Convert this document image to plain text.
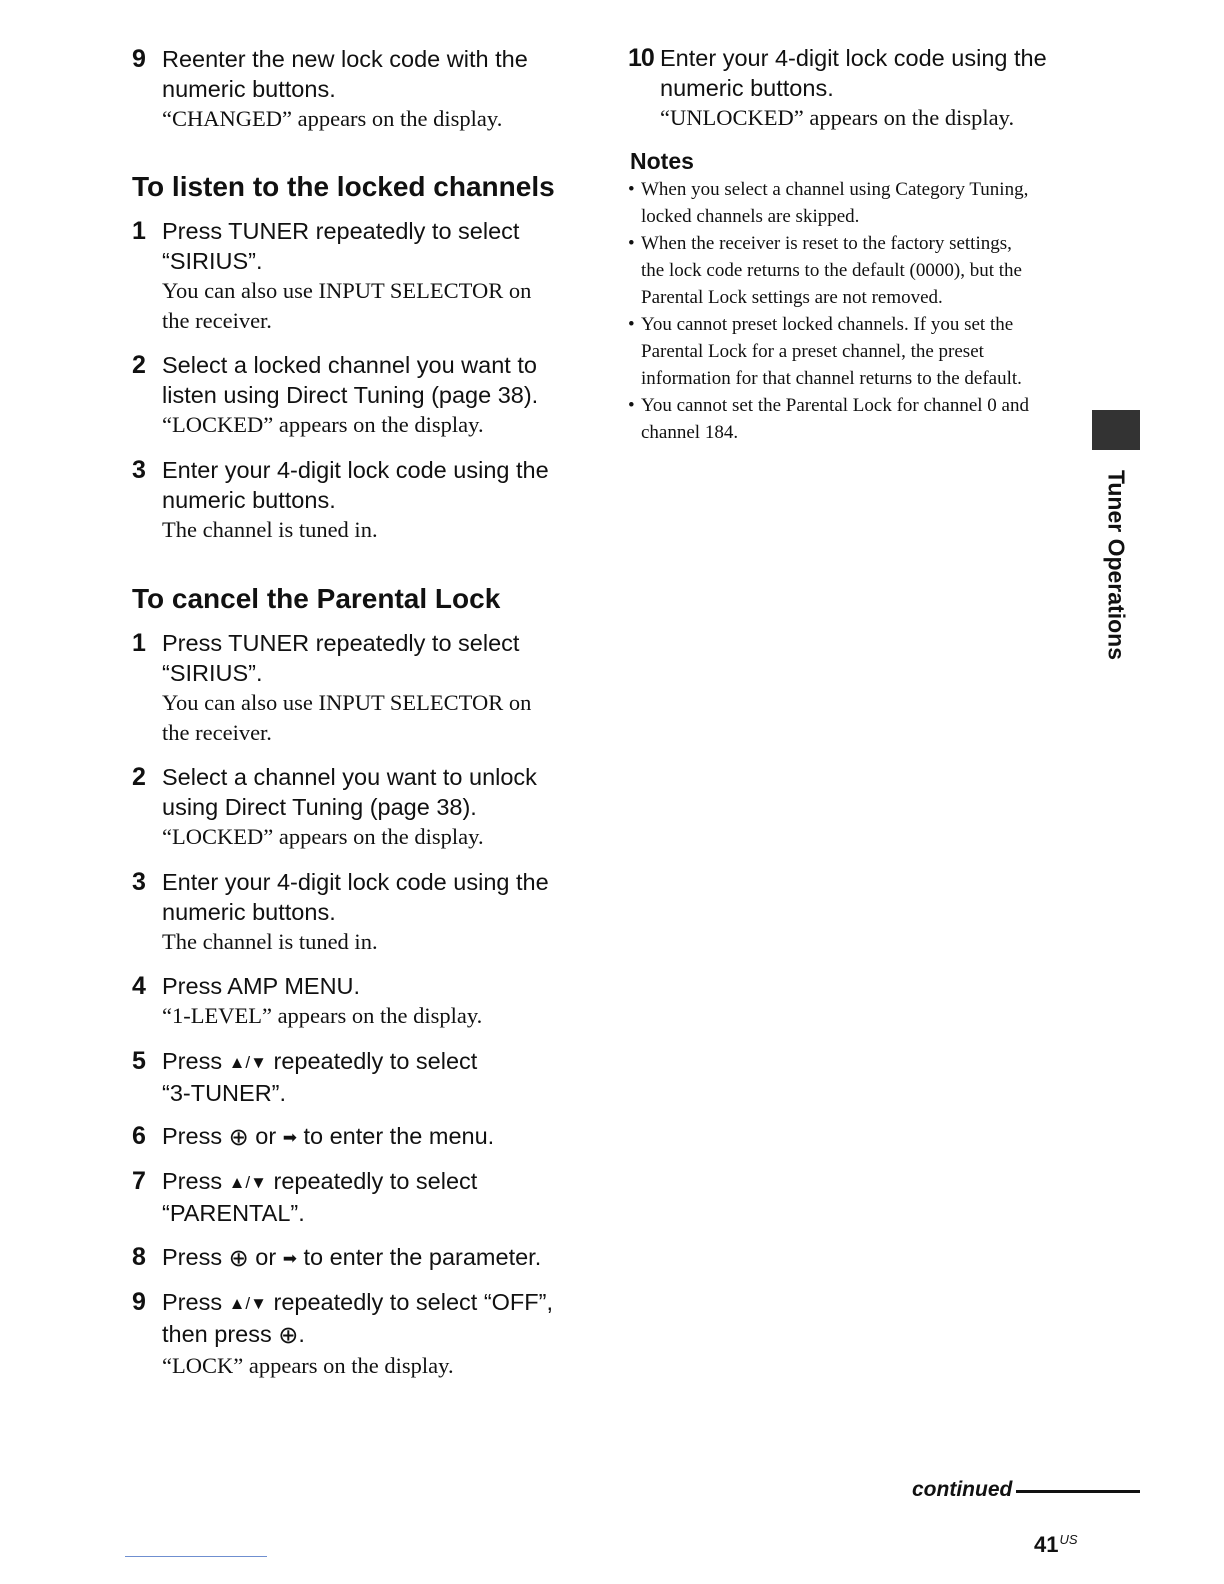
9 Reenter the new lock code with the
numeric buttons.
“CHANGED” appears on the display.
To listen to the locked channels
1 Press TUNER repeatedly to select
“SIRIUS”.
You can also use INPUT SELECTOR on
the receiver.
2 Select a locked channel you want to
listen using Direct Tuning (page 38).
“LOCKED” appears on the display.
3 Enter your 4-digit lock code using the
numeric buttons.
The channel is tuned in.
To cancel the Parental Lock
1 Press TUNER repeatedly to select
“SIRIUS”.
You can also use INPUT SELECTOR on
the receiver.
2 Select a channel you want to unlock
using Direct Tuning (page 38).
“LOCKED” appears on the display.
3 Enter your 4-digit lock code using the
numeric buttons.
The channel is tuned in.
4 Press AMP MENU.
“1-LEVEL” appears on the display.
5 Press ▲/▼ repeatedly to select
“3-TUNER”.
6 Press ⊕ or ➡ to enter the menu.
7 Press ▲/▼ repeatedly to select
“PARENTAL”.
8 Press ⊕ or ➡ to enter the parameter.
9 Press ▲/▼ repeatedly to select “OFF”,
then press ⊕.
“LOCK” appears on the display.
10 Enter your 4-digit lock code using the
numeric buttons.
“UNLOCKED” appears on the display.
Notes
• When you select a channel using Category Tuning,
locked channels are skipped.
• When the receiver is reset to the factory settings,
the lock code returns to the default (0000), but the
Parental Lock settings are not removed.
• You cannot preset locked channels. If you set the
Parental Lock for a preset channel, the preset
information for that channel returns to the default.
• You cannot set the Parental Lock for channel 0 and
channel 184.
Tuner Operations
continued
$41^{US}$
